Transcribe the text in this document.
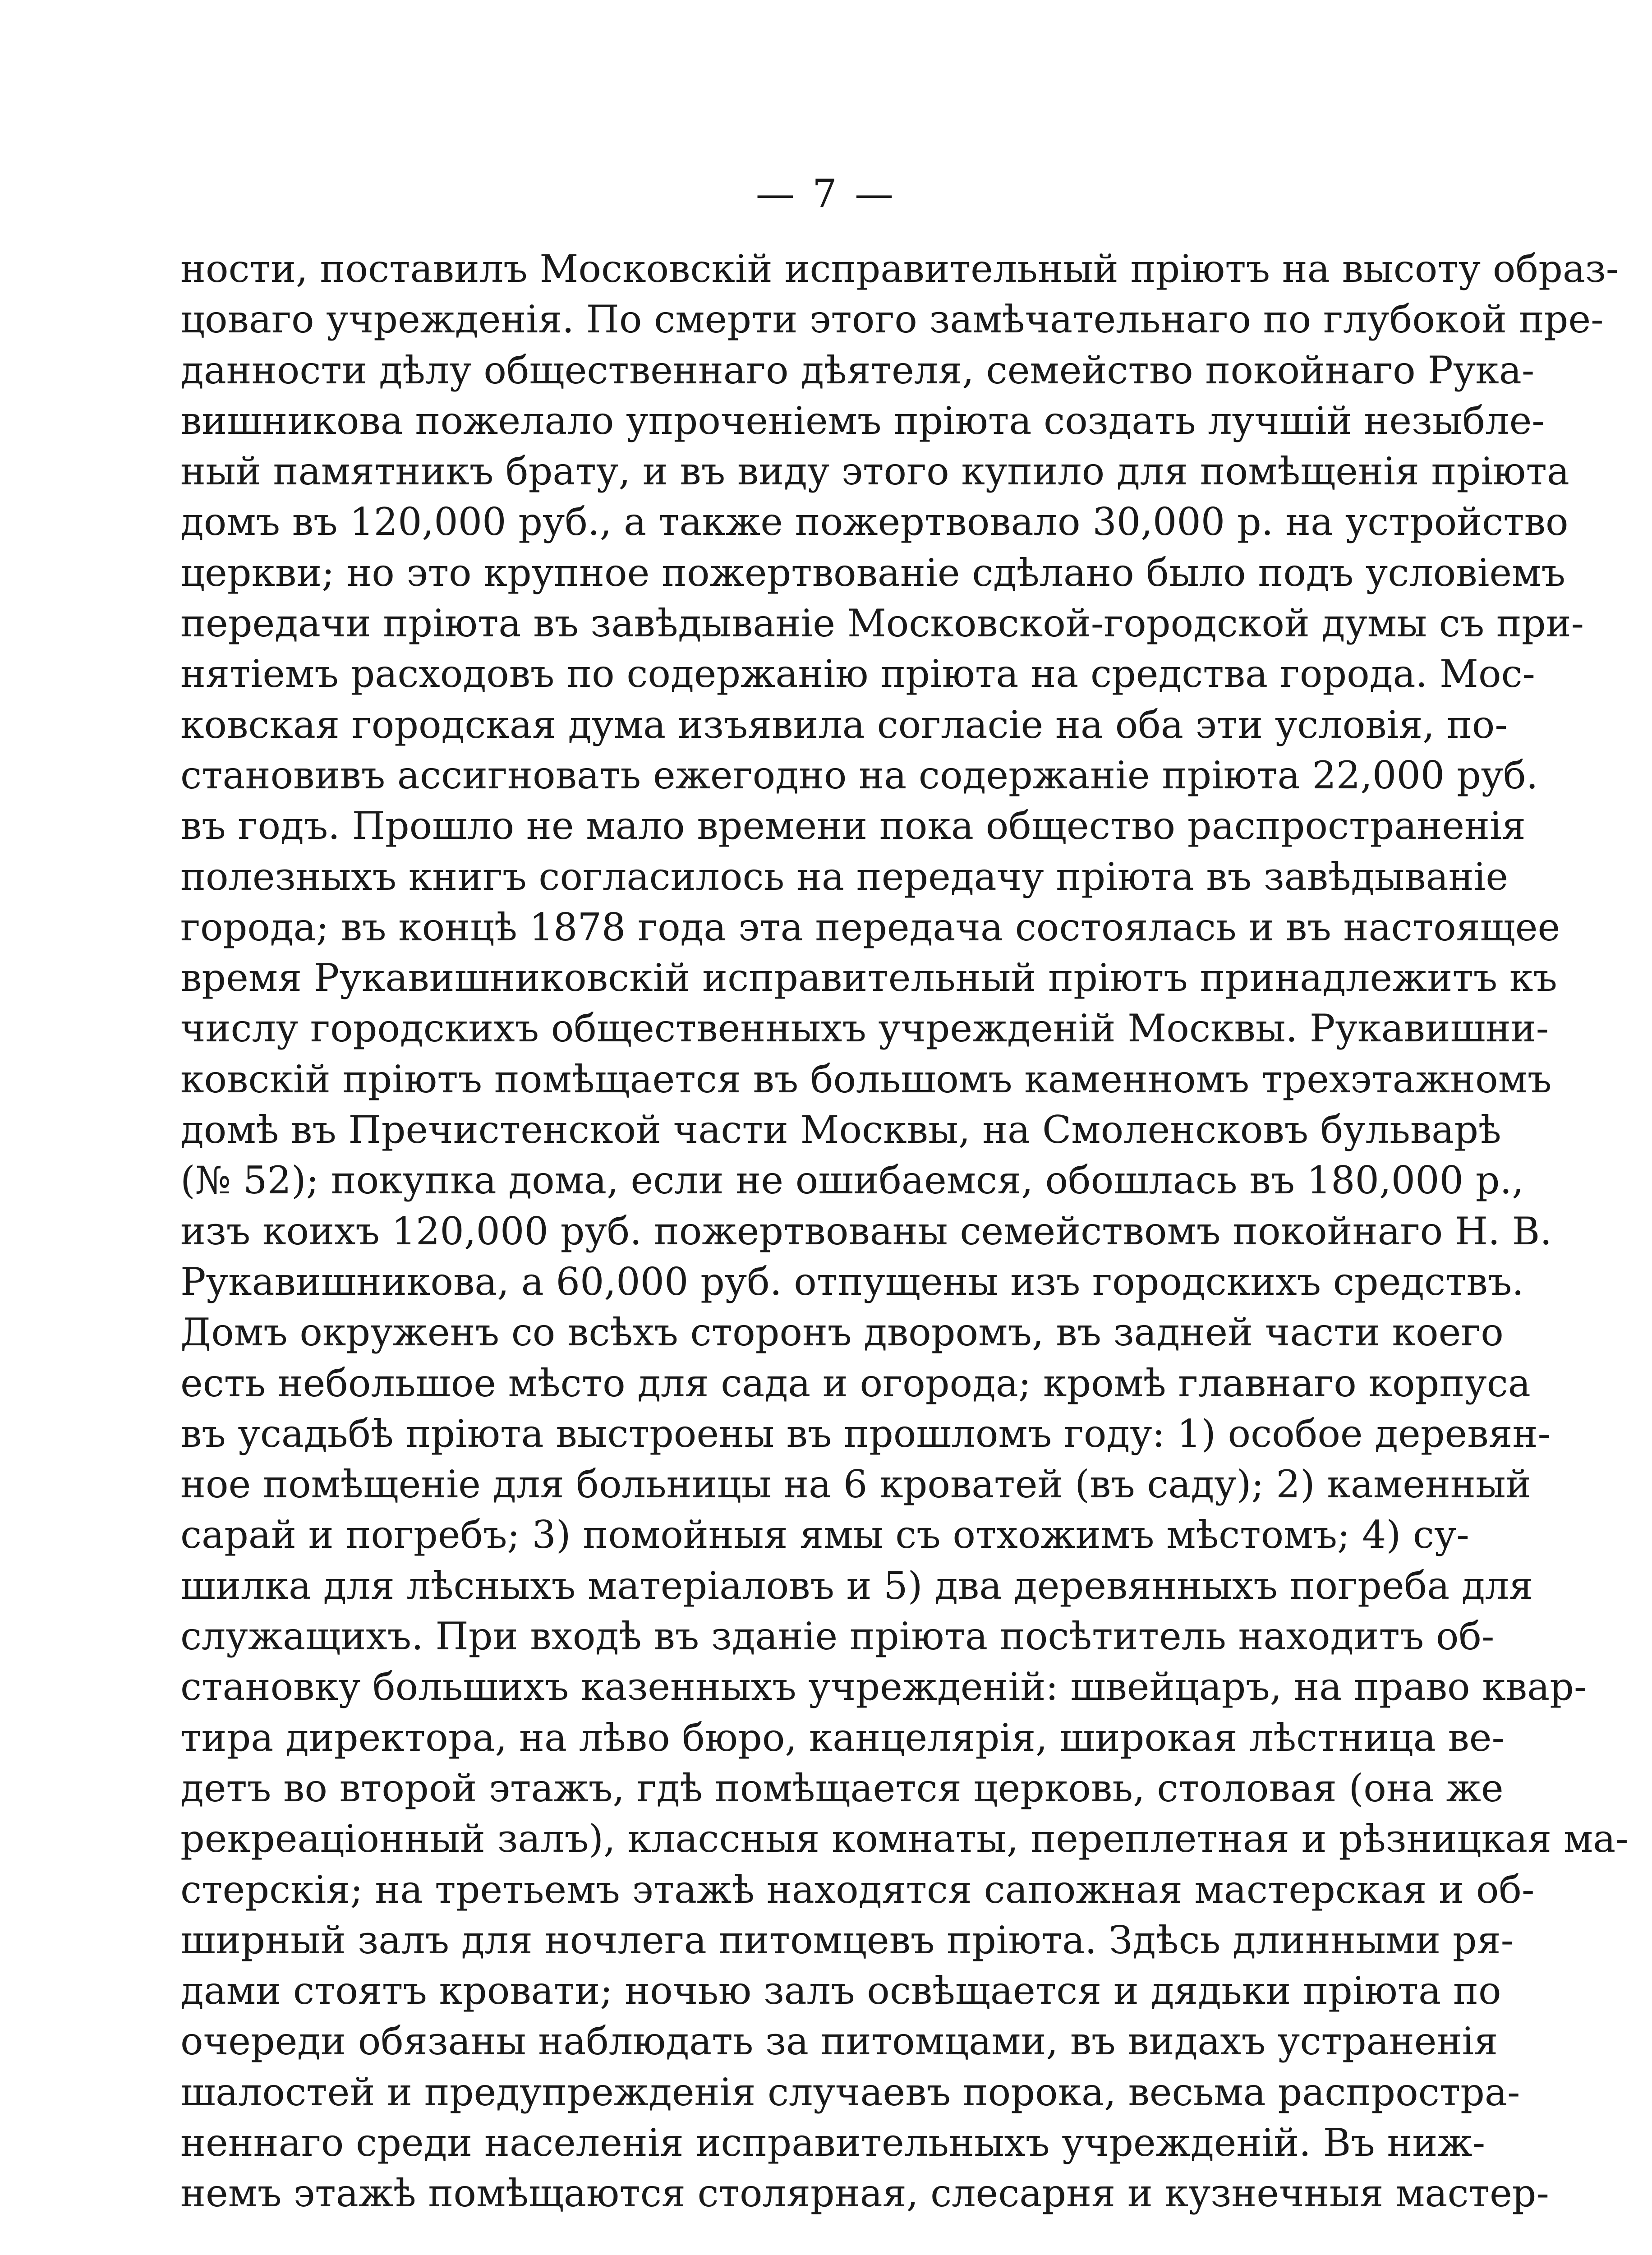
— 7 —
ности, поставилъ Московскій исправительный пріютъ на высоту образ-
цоваго учрежденія. По смерти этого замѣчательнаго по глубокой пре-
данности дѣлу общественнаго дѣятеля, семейство покойнаго Рука-
вишникова пожелало упроченіемъ пріюта создать лучшій незыбле-
ный памятникъ брату, и въ виду этого купило для помѣщенія пріюта
домъ въ 120,000 руб., а также пожертвовало 30,000 р. на устройство
церкви; но это крупное пожертвованіе сдѣлано было подъ условіемъ
передачи пріюта въ завѣдываніе Московской-городской думы съ при-
нятіемъ расходовъ по содержанію пріюта на средства города. Мос-
ковская городская дума изъявила согласіе на оба эти условія, по-
становивъ ассигновать ежегодно на содержаніе пріюта 22,000 руб.
въ годъ. Прошло не мало времени пока общество распространенія
полезныхъ книгъ согласилось на передачу пріюта въ завѣдываніе
города; въ концѣ 1878 года эта передача состоялась и въ настоящее
время Рукавишниковскій исправительный пріютъ принадлежитъ къ
числу городскихъ общественныхъ учрежденій Москвы. Рукавишни-
ковскій пріютъ помѣщается въ большомъ каменномъ трехэтажномъ
домѣ въ Пречистенской части Москвы, на Смоленсковъ бульварѣ
(№ 52); покупка дома, если не ошибаемся, обошлась въ 180,000 р.,
изъ коихъ 120,000 руб. пожертвованы семействомъ покойнаго Н. В.
Рукавишникова, а 60,000 руб. отпущены изъ городскихъ средствъ.
Домъ окруженъ со всѣхъ сторонъ дворомъ, въ задней части коего
есть небольшое мѣсто для сада и огорода; кромѣ главнаго корпуса
въ усадьбѣ пріюта выстроены въ прошломъ году: 1) особое деревян-
ное помѣщеніе для больницы на 6 кроватей (въ саду); 2) каменный
сарай и погребъ; 3) помойныя ямы съ отхожимъ мѣстомъ; 4) су-
шилка для лѣсныхъ матеріаловъ и 5) два деревянныхъ погреба для
служащихъ. При входѣ въ зданіе пріюта посѣтитель находитъ об-
становку большихъ казенныхъ учрежденій: швейцаръ, на право квар-
тира директора, на лѣво бюро, канцелярія, широкая лѣстница ве-
детъ во второй этажъ, гдѣ помѣщается церковь, столовая (она же
рекреаціонный залъ), классныя комнаты, переплетная и рѣзницкая ма-
стерскія; на третьемъ этажѣ находятся сапожная мастерская и об-
ширный залъ для ночлега питомцевъ пріюта. Здѣсь длинными ря-
дами стоятъ кровати; ночью залъ освѣщается и дядьки пріюта по
очереди обязаны наблюдать за питомцами, въ видахъ устраненія
шалостей и предупрежденія случаевъ порока, весьма распростра-
неннаго среди населенія исправительныхъ учрежденій. Въ ниж-
немъ этажѣ помѣщаются столярная, слесарня и кузнечныя мастер-
